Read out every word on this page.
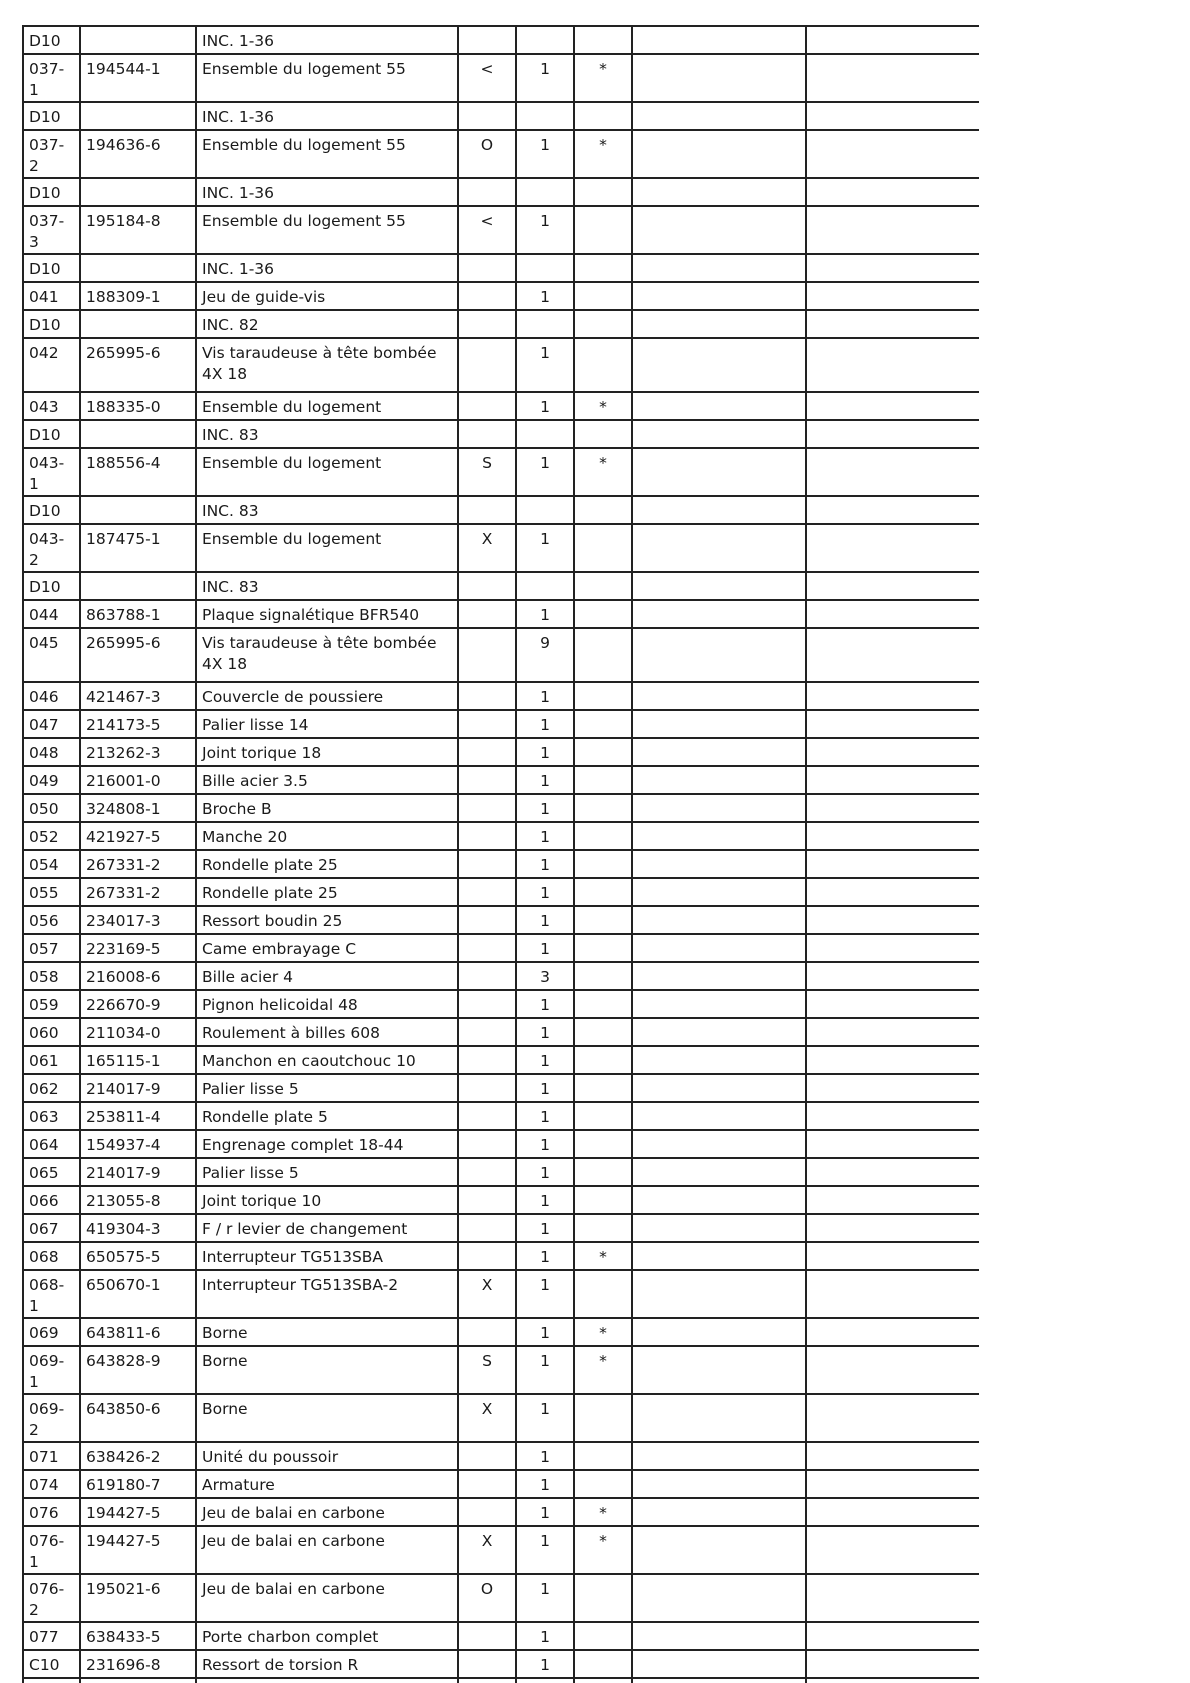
D10		INC. 1-36					
037-1	194544-1	Ensemble du logement 55	<	1	*		
D10		INC. 1-36					
037-2	194636-6	Ensemble du logement 55	O	1	*		
D10		INC. 1-36					
037-3	195184-8	Ensemble du logement 55	<	1			
D10		INC. 1-36					
041	188309-1	Jeu de guide-vis		1			
D10		INC. 82					
042	265995-6	Vis taraudeuse à tête bombée 4X 18		1			
043	188335-0	Ensemble du logement		1	*		
D10		INC. 83					
043-1	188556-4	Ensemble du logement	S	1	*		
D10		INC. 83					
043-2	187475-1	Ensemble du logement	X	1			
D10		INC. 83					
044	863788-1	Plaque signalétique BFR540		1			
045	265995-6	Vis taraudeuse à tête bombée 4X 18		9			
046	421467-3	Couvercle de poussiere		1			
047	214173-5	Palier lisse 14		1			
048	213262-3	Joint torique 18		1			
049	216001-0	Bille acier 3.5		1			
050	324808-1	Broche B		1			
052	421927-5	Manche 20		1			
054	267331-2	Rondelle plate 25		1			
055	267331-2	Rondelle plate 25		1			
056	234017-3	Ressort boudin 25		1			
057	223169-5	Came embrayage C		1			
058	216008-6	Bille acier 4		3			
059	226670-9	Pignon helicoidal 48		1			
060	211034-0	Roulement à billes 608		1			
061	165115-1	Manchon en caoutchouc 10		1			
062	214017-9	Palier lisse 5		1			
063	253811-4	Rondelle plate 5		1			
064	154937-4	Engrenage complet 18-44		1			
065	214017-9	Palier lisse 5		1			
066	213055-8	Joint torique 10		1			
067	419304-3	F / r levier de changement		1			
068	650575-5	Interrupteur TG513SBA		1	*		
068-1	650670-1	Interrupteur TG513SBA-2	X	1			
069	643811-6	Borne		1	*		
069-1	643828-9	Borne	S	1	*		
069-2	643850-6	Borne	X	1			
071	638426-2	Unité du poussoir		1			
074	619180-7	Armature		1			
076	194427-5	Jeu de balai en carbone		1	*		
076-1	194427-5	Jeu de balai en carbone	X	1	*		
076-2	195021-6	Jeu de balai en carbone	O	1			
077	638433-5	Porte charbon complet		1			
C10	231696-8	Ressort de torsion R		1			
